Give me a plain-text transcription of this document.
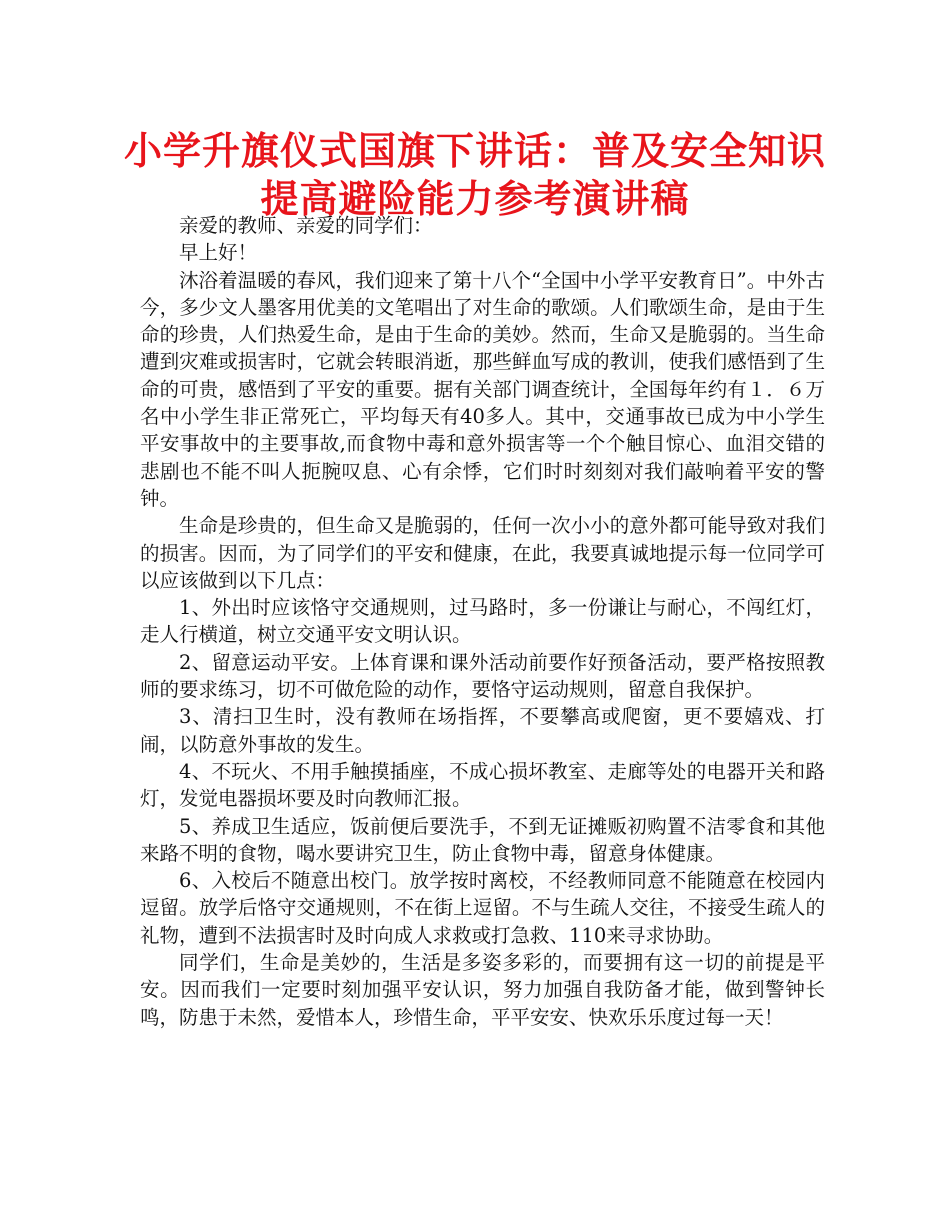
小学升旗仪式国旗下讲话：普及安全知识
提高避险能力参考演讲稿

亲爱的教师、亲爱的同学们：

早上好！

沐浴着温暖的春风，我们迎来了第十八个“全国中小学平安教育日”。中外古今，多少文人墨客用优美的文笔唱出了对生命的歌颂。人们歌颂生命，是由于生命的珍贵，人们热爱生命，是由于生命的美妙。然而，生命又是脆弱的。当生命遭到灾难或损害时，它就会转眼消逝，那些鲜血写成的教训，使我们感悟到了生命的可贵，感悟到了平安的重要。据有关部门调查统计，全国每年约有１．６万名中小学生非正常死亡，平均每天有40多人。其中，交通事故已成为中小学生平安事故中的主要事故,而食物中毒和意外损害等一个个触目惊心、血泪交错的悲剧也不能不叫人扼腕叹息、心有余悸，它们时时刻刻对我们敲响着平安的警钟。

生命是珍贵的，但生命又是脆弱的，任何一次小小的意外都可能导致对我们的损害。因而，为了同学们的平安和健康，在此，我要真诚地提示每一位同学可以应该做到以下几点：

1、外出时应该恪守交通规则，过马路时，多一份谦让与耐心，不闯红灯，走人行横道，树立交通平安文明认识。

2、留意运动平安。上体育课和课外活动前要作好预备活动，要严格按照教师的要求练习，切不可做危险的动作，要恪守运动规则，留意自我保护。

3、清扫卫生时，没有教师在场指挥，不要攀高或爬窗，更不要嬉戏、打闹，以防意外事故的发生。

4、不玩火、不用手触摸插座，不成心损坏教室、走廊等处的电器开关和路灯，发觉电器损坏要及时向教师汇报。

5、养成卫生适应，饭前便后要洗手，不到无证摊贩初购置不洁零食和其他来路不明的食物，喝水要讲究卫生，防止食物中毒，留意身体健康。

6、入校后不随意出校门。放学按时离校，不经教师同意不能随意在校园内逗留。放学后恪守交通规则，不在街上逗留。不与生疏人交往，不接受生疏人的礼物，遭到不法损害时及时向成人求救或打急救、110来寻求协助。

同学们，生命是美妙的，生活是多姿多彩的，而要拥有这一切的前提是平安。因而我们一定要时刻加强平安认识，努力加强自我防备才能，做到警钟长鸣，防患于未然，爱惜本人，珍惜生命，平平安安、快欢乐乐度过每一天！
